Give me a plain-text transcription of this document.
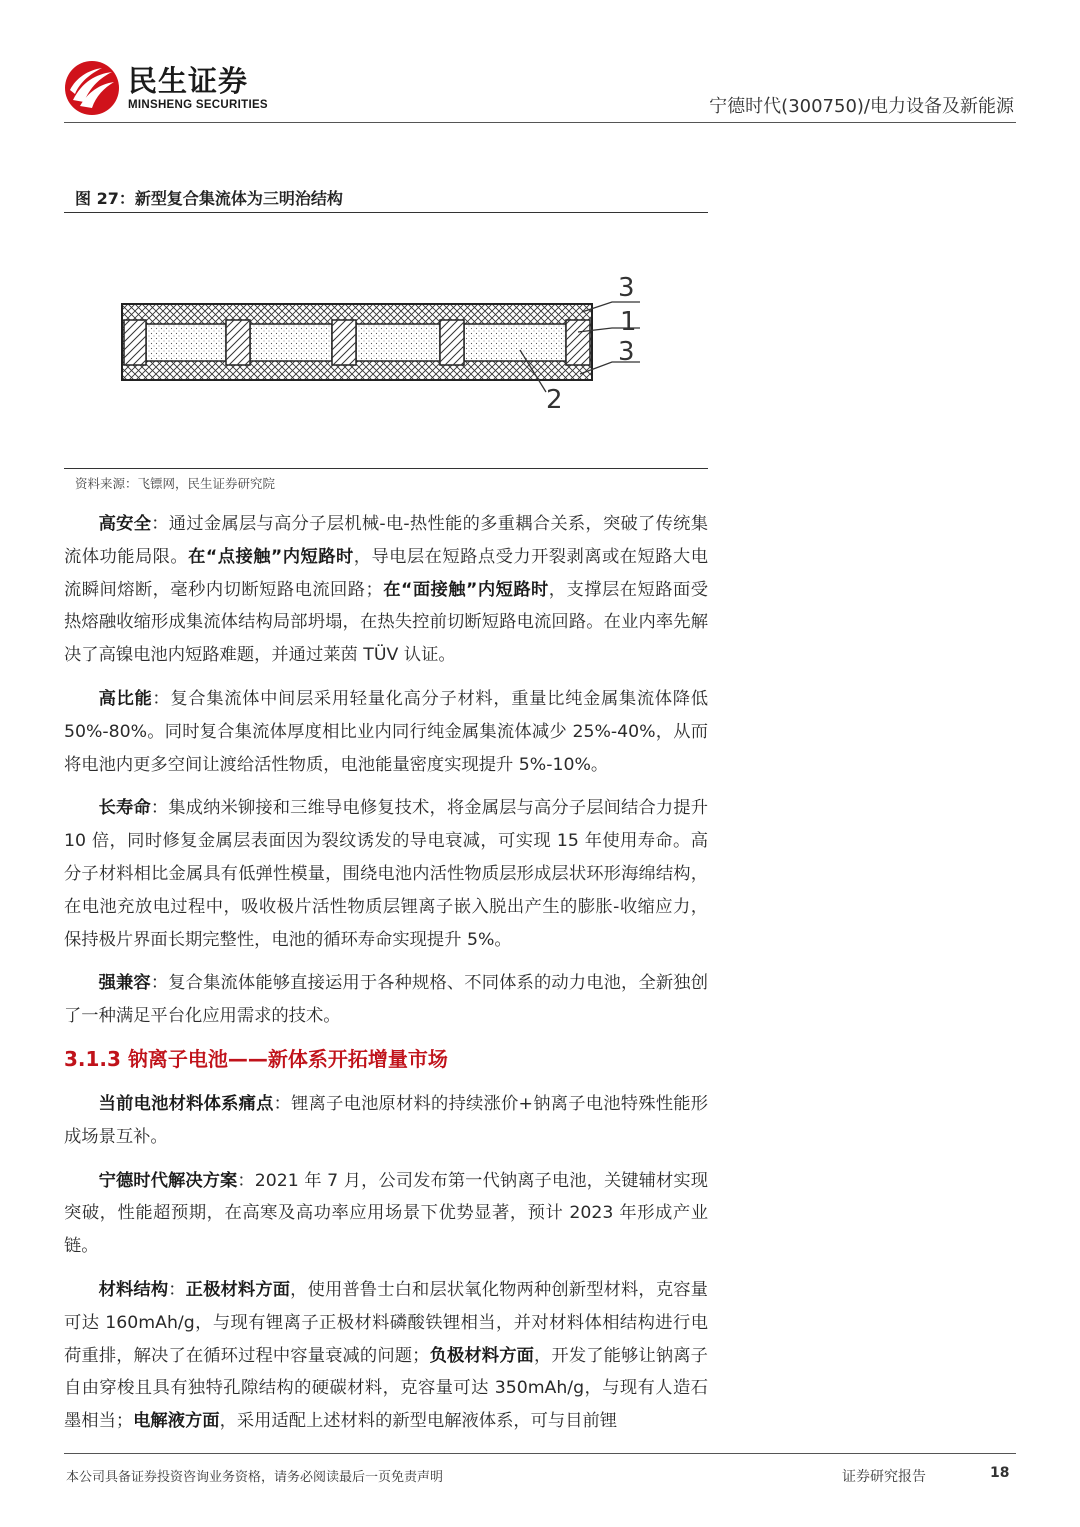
民生证券
MINSHENG SECURITIES	宁德时代(300750)/电力设备及新能源
图 27：新型复合集流体为三明治结构
3
1
3
2
资料来源：飞镖网，民生证券研究院

高安全：通过金属层与高分子层机械-电-热性能的多重耦合关系，突破了传统集流体功能局限。在“点接触”内短路时，导电层在短路点受力开裂剥离或在短路大电流瞬间熔断，毫秒内切断短路电流回路；在“面接触”内短路时，支撑层在短路面受热熔融收缩形成集流体结构局部坍塌，在热失控前切断短路电流回路。在业内率先解决了高镍电池内短路难题，并通过莱茵 TÜV 认证。

高比能：复合集流体中间层采用轻量化高分子材料，重量比纯金属集流体降低 50%-80%。同时复合集流体厚度相比业内同行纯金属集流体减少 25%-40%，从而将电池内更多空间让渡给活性物质，电池能量密度实现提升 5%-10%。

长寿命：集成纳米铆接和三维导电修复技术，将金属层与高分子层间结合力提升 10 倍，同时修复金属层表面因为裂纹诱发的导电衰减，可实现 15 年使用寿命。高分子材料相比金属具有低弹性模量，围绕电池内活性物质层形成层状环形海绵结构，在电池充放电过程中，吸收极片活性物质层锂离子嵌入脱出产生的膨胀-收缩应力，保持极片界面长期完整性，电池的循环寿命实现提升 5%。

强兼容：复合集流体能够直接运用于各种规格、不同体系的动力电池，全新独创了一种满足平台化应用需求的技术。

3.1.3 钠离子电池——新体系开拓增量市场

当前电池材料体系痛点：锂离子电池原材料的持续涨价+钠离子电池特殊性能形成场景互补。

宁德时代解决方案：2021 年 7 月，公司发布第一代钠离子电池，关键辅材实现突破，性能超预期，在高寒及高功率应用场景下优势显著，预计 2023 年形成产业链。

材料结构：正极材料方面，使用普鲁士白和层状氧化物两种创新型材料，克容量可达 160mAh/g，与现有锂离子正极材料磷酸铁锂相当，并对材料体相结构进行电荷重排，解决了在循环过程中容量衰减的问题；负极材料方面，开发了能够让钠离子自由穿梭且具有独特孔隙结构的硬碳材料，克容量可达 350mAh/g，与现有人造石墨相当；电解液方面，采用适配上述材料的新型电解液体系，可与目前锂

本公司具备证券投资咨询业务资格，请务必阅读最后一页免责声明	证券研究报告	18
